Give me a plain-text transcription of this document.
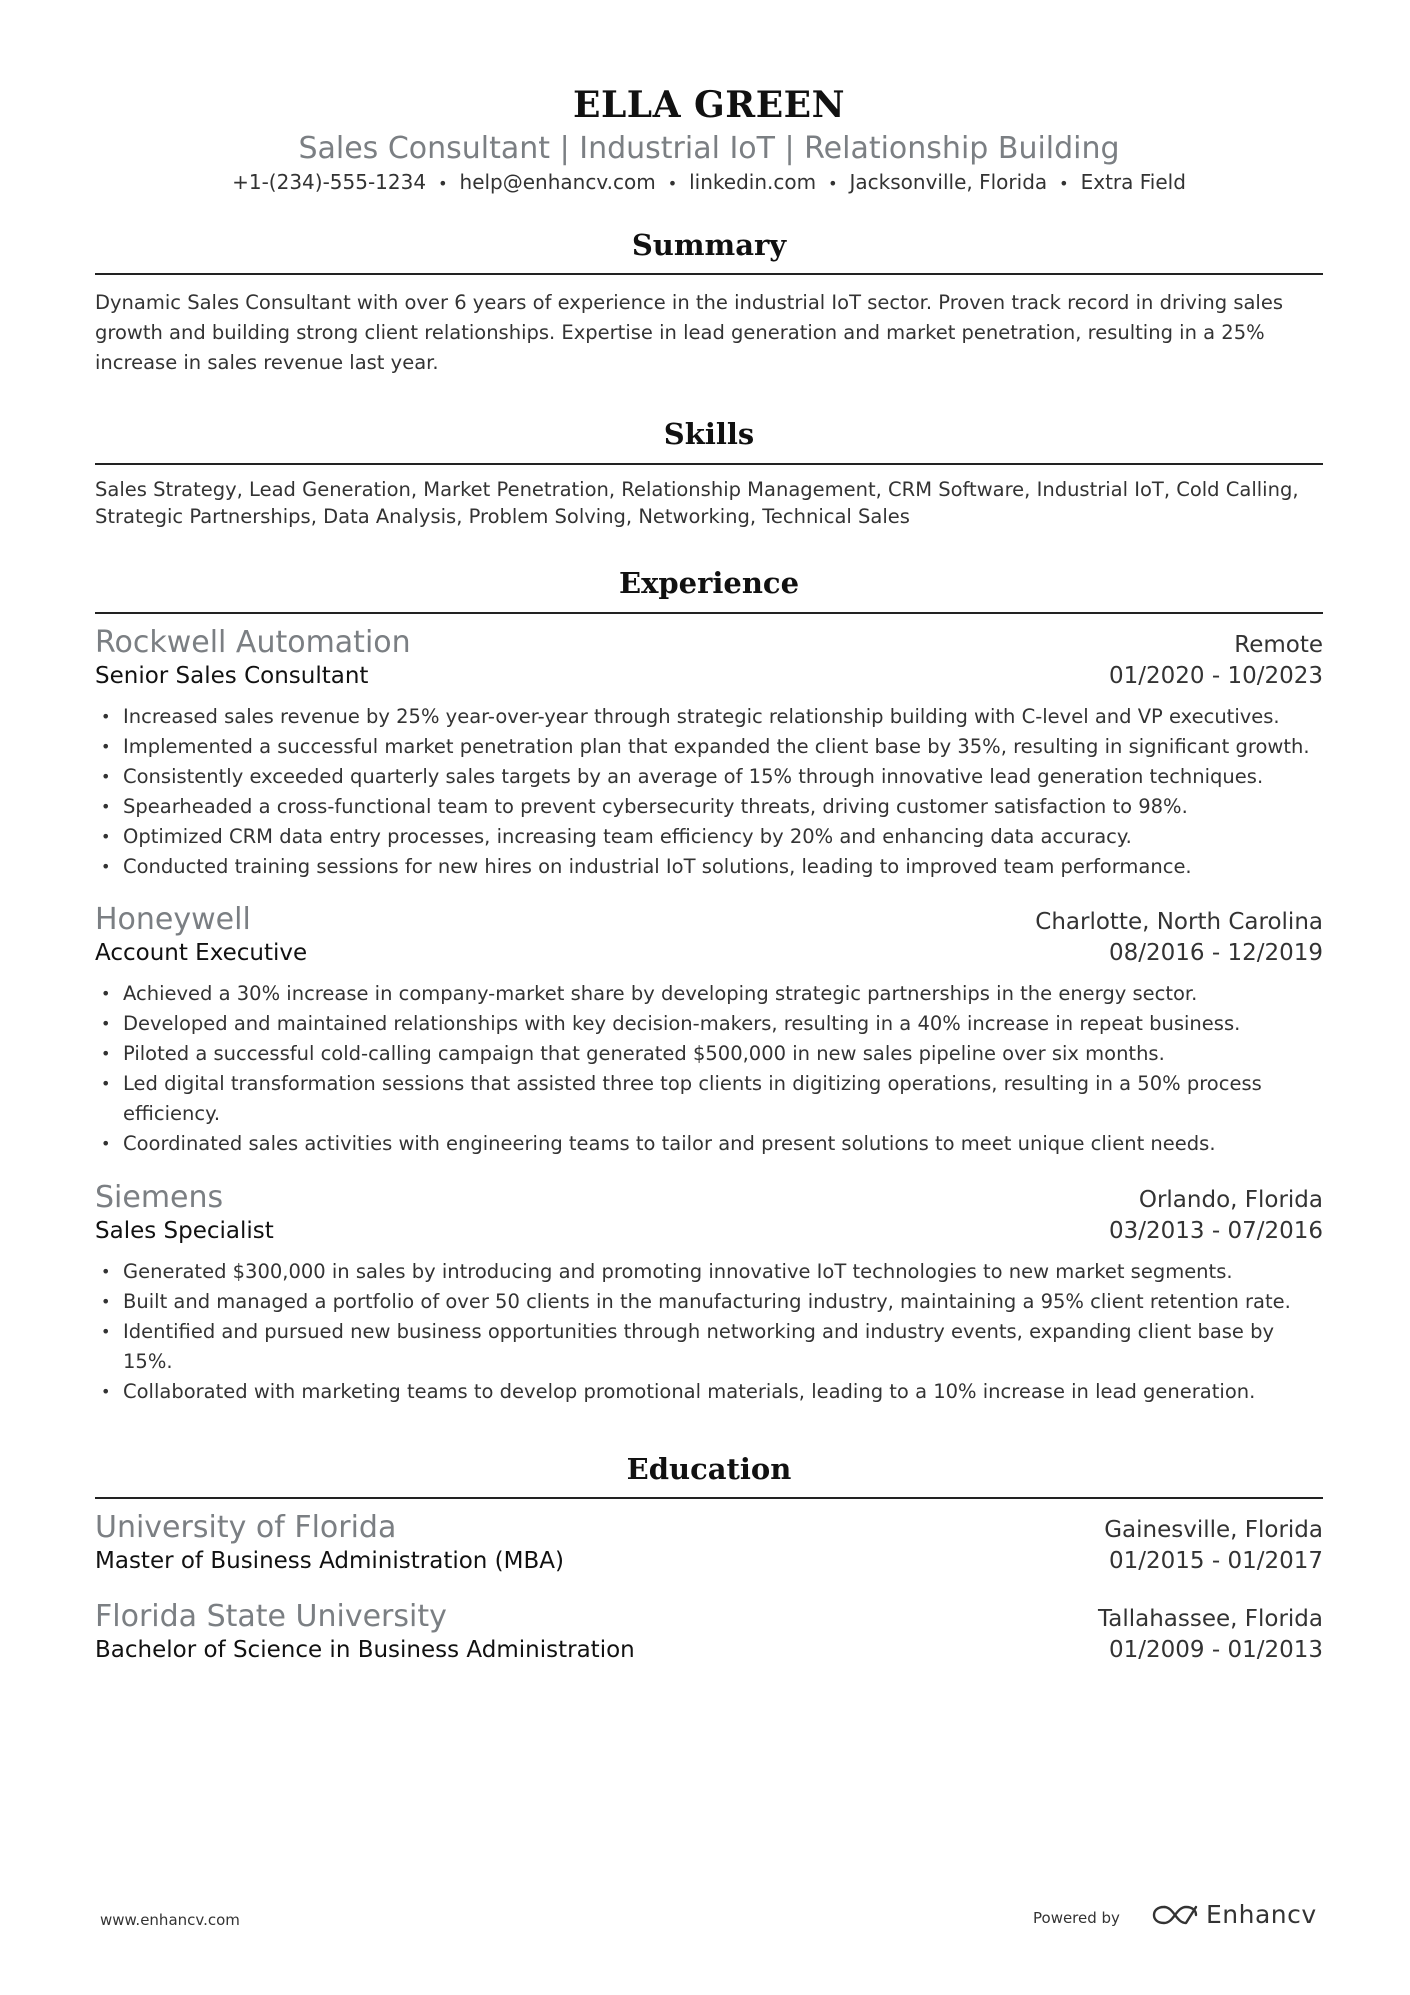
ELLA GREEN
Sales Consultant | Industrial IoT | Relationship Building
+1-(234)-555-1234 • help@enhancv.com • linkedin.com • Jacksonville, Florida • Extra Field
Summary
Dynamic Sales Consultant with over 6 years of experience in the industrial IoT sector. Proven track record in driving sales growth and building strong client relationships. Expertise in lead generation and market penetration, resulting in a 25% increase in sales revenue last year.
Skills
Sales Strategy, Lead Generation, Market Penetration, Relationship Management, CRM Software, Industrial IoT, Cold Calling, Strategic Partnerships, Data Analysis, Problem Solving, Networking, Technical Sales
Experience
Rockwell Automation	Remote
Senior Sales Consultant	01/2020 - 10/2023
• Increased sales revenue by 25% year-over-year through strategic relationship building with C-level and VP executives.
• Implemented a successful market penetration plan that expanded the client base by 35%, resulting in significant growth.
• Consistently exceeded quarterly sales targets by an average of 15% through innovative lead generation techniques.
• Spearheaded a cross-functional team to prevent cybersecurity threats, driving customer satisfaction to 98%.
• Optimized CRM data entry processes, increasing team efficiency by 20% and enhancing data accuracy.
• Conducted training sessions for new hires on industrial IoT solutions, leading to improved team performance.
Honeywell	Charlotte, North Carolina
Account Executive	08/2016 - 12/2019
• Achieved a 30% increase in company-market share by developing strategic partnerships in the energy sector.
• Developed and maintained relationships with key decision-makers, resulting in a 40% increase in repeat business.
• Piloted a successful cold-calling campaign that generated $500,000 in new sales pipeline over six months.
• Led digital transformation sessions that assisted three top clients in digitizing operations, resulting in a 50% process efficiency.
• Coordinated sales activities with engineering teams to tailor and present solutions to meet unique client needs.
Siemens	Orlando, Florida
Sales Specialist	03/2013 - 07/2016
• Generated $300,000 in sales by introducing and promoting innovative IoT technologies to new market segments.
• Built and managed a portfolio of over 50 clients in the manufacturing industry, maintaining a 95% client retention rate.
• Identified and pursued new business opportunities through networking and industry events, expanding client base by 15%.
• Collaborated with marketing teams to develop promotional materials, leading to a 10% increase in lead generation.
Education
University of Florida	Gainesville, Florida
Master of Business Administration (MBA)	01/2015 - 01/2017
Florida State University	Tallahassee, Florida
Bachelor of Science in Business Administration	01/2009 - 01/2013
www.enhancv.com	Powered by	Enhancv
